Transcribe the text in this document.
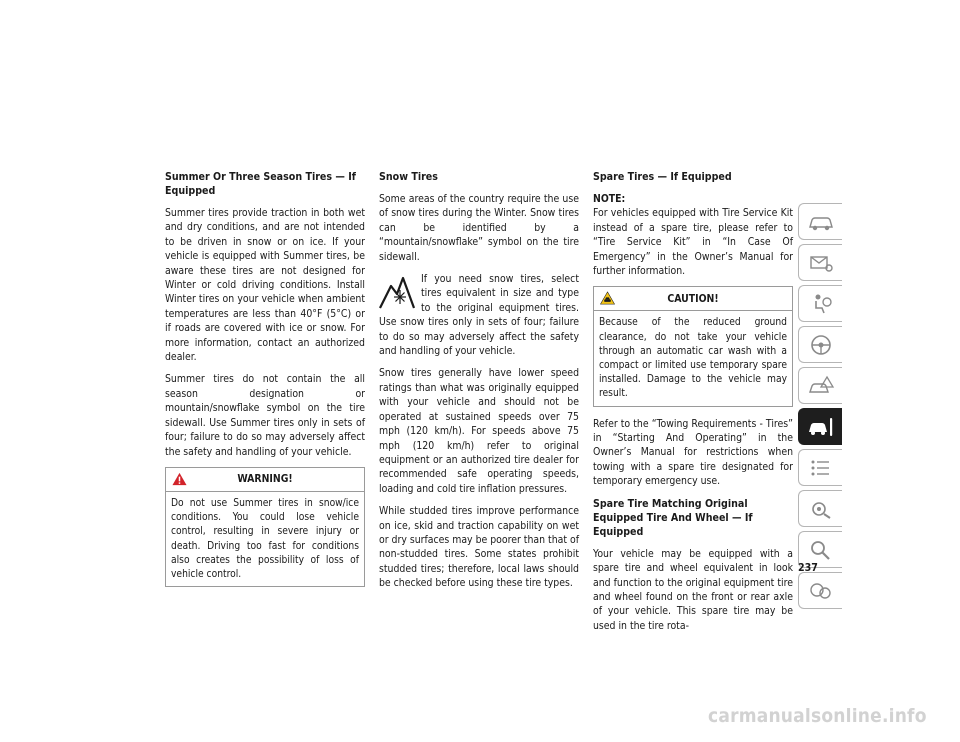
Summer Or Three Season Tires — If Equipped

Summer tires provide traction in both wet and dry conditions, and are not intended to be driven in snow or on ice. If your vehicle is equipped with Summer tires, be aware these tires are not designed for Winter or cold driving conditions. Install Winter tires on your vehicle when ambient temperatures are less than 40°F (5°C) or if roads are covered with ice or snow. For more information, contact an authorized dealer.

Summer tires do not contain the all season designation or mountain/snowflake symbol on the tire sidewall. Use Summer tires only in sets of four; failure to do so may adversely affect the safety and handling of your vehicle.

WARNING!
Do not use Summer tires in snow/ice conditions. You could lose vehicle control, resulting in severe injury or death. Driving too fast for conditions also creates the possibility of loss of vehicle control.
Snow Tires

Some areas of the country require the use of snow tires during the Winter. Snow tires can be identified by a “mountain/snowflake” symbol on the tire sidewall.

If you need snow tires, select tires equivalent in size and type to the original equipment tires. Use snow tires only in sets of four; failure to do so may adversely affect the safety and handling of your vehicle.

Snow tires generally have lower speed ratings than what was originally equipped with your vehicle and should not be operated at sustained speeds over 75 mph (120 km/h). For speeds above 75 mph (120 km/h) refer to original equipment or an authorized tire dealer for recommended safe operating speeds, loading and cold tire inflation pressures.

While studded tires improve performance on ice, skid and traction capability on wet or dry surfaces may be poorer than that of non-studded tires. Some states prohibit studded tires; therefore, local laws should be checked before using these tire types.

Spare Tires — If Equipped

NOTE:

For vehicles equipped with Tire Service Kit instead of a spare tire, please refer to “Tire Service Kit” in “In Case Of Emergency” in the Owner’s Manual for further information.

CAUTION!
Because of the reduced ground clearance, do not take your vehicle through an automatic car wash with a compact or limited use temporary spare installed. Damage to the vehicle may result.

Refer to the “Towing Requirements - Tires” in “Starting And Operating” in the Owner’s Manual for restrictions when towing with a spare tire designated for temporary emergency use.

Spare Tire Matching Original Equipped Tire And Wheel — If Equipped

Your vehicle may be equipped with a spare tire and wheel equivalent in look and function to the original equipment tire and wheel found on the front or rear axle of your vehicle. This spare tire may be used in the tire rota-

237
carmanualsonline.info
